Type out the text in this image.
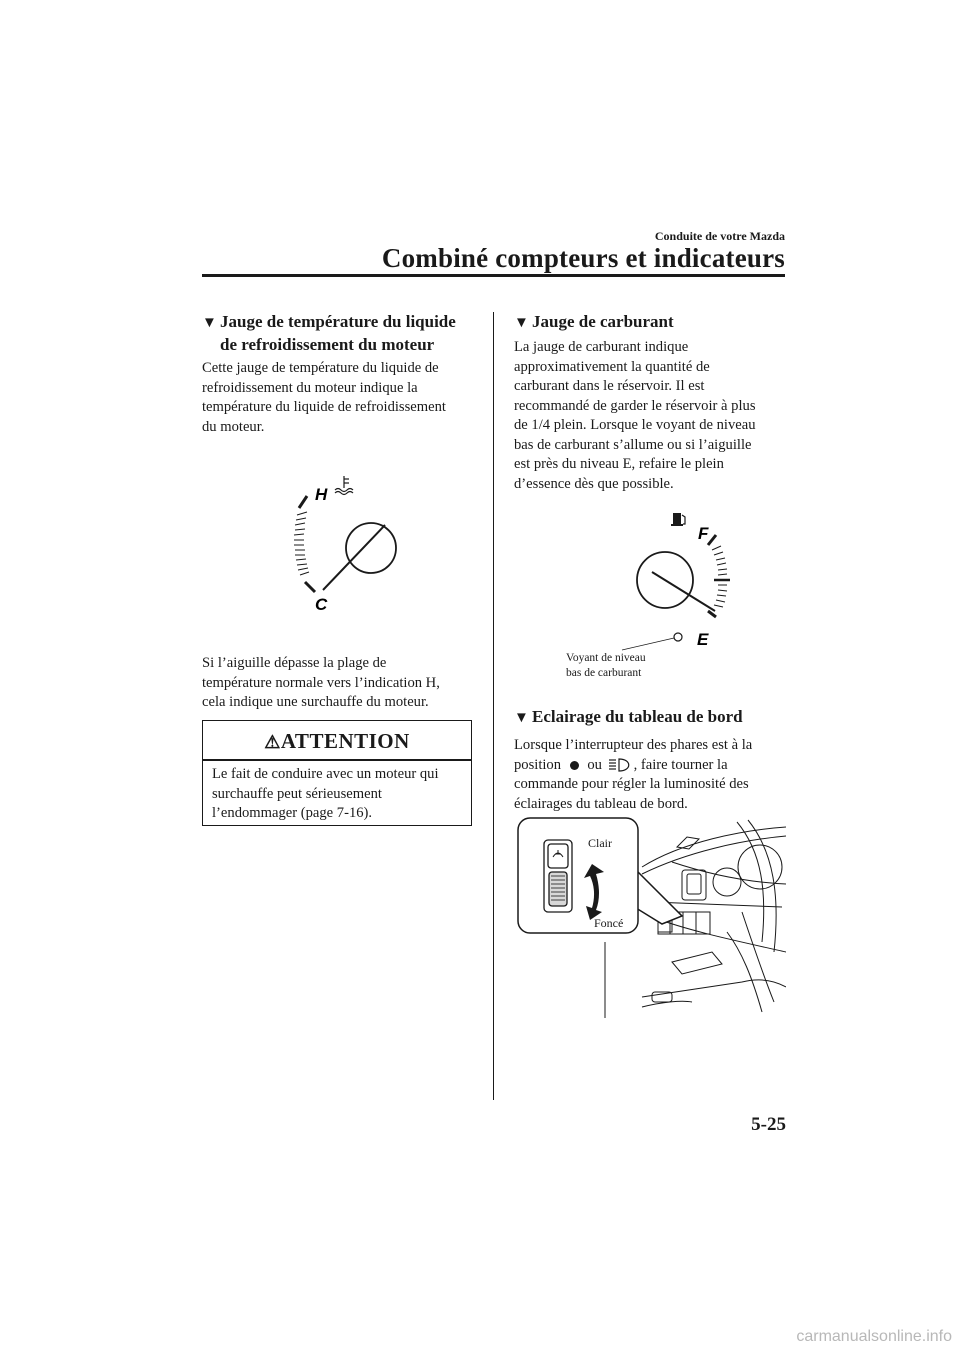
Conduite de votre Mazda
Combiné compteurs et indicateurs
▼ Jauge de température du liquide
de refroidissement du moteur
Cette jauge de température du liquide de
refroidissement du moteur indique la
température du liquide de refroidissement
du moteur.
H
C
Si l’aiguille dépasse la plage de
température normale vers l’indication H,
cela indique une surchauffe du moteur.
⚠ATTENTION
Le fait de conduire avec un moteur qui
surchauffe peut sérieusement
l’endommager (page 7-16).
▼ Jauge de carburant
La jauge de carburant indique
approximativement la quantité de
carburant dans le réservoir. Il est
recommandé de garder le réservoir à plus
de 1/4 plein. Lorsque le voyant de niveau
bas de carburant s’allume ou si l’aiguille
est près du niveau E, refaire le plein
d’essence dès que possible.
F
E
Voyant de niveau
bas de carburant
▼ Eclairage du tableau de bord
Lorsque l’interrupteur des phares est à la
position ou , faire tourner la
commande pour régler la luminosité des
éclairages du tableau de bord.
Clair
Foncé
5-25
carmanualsonline.info
